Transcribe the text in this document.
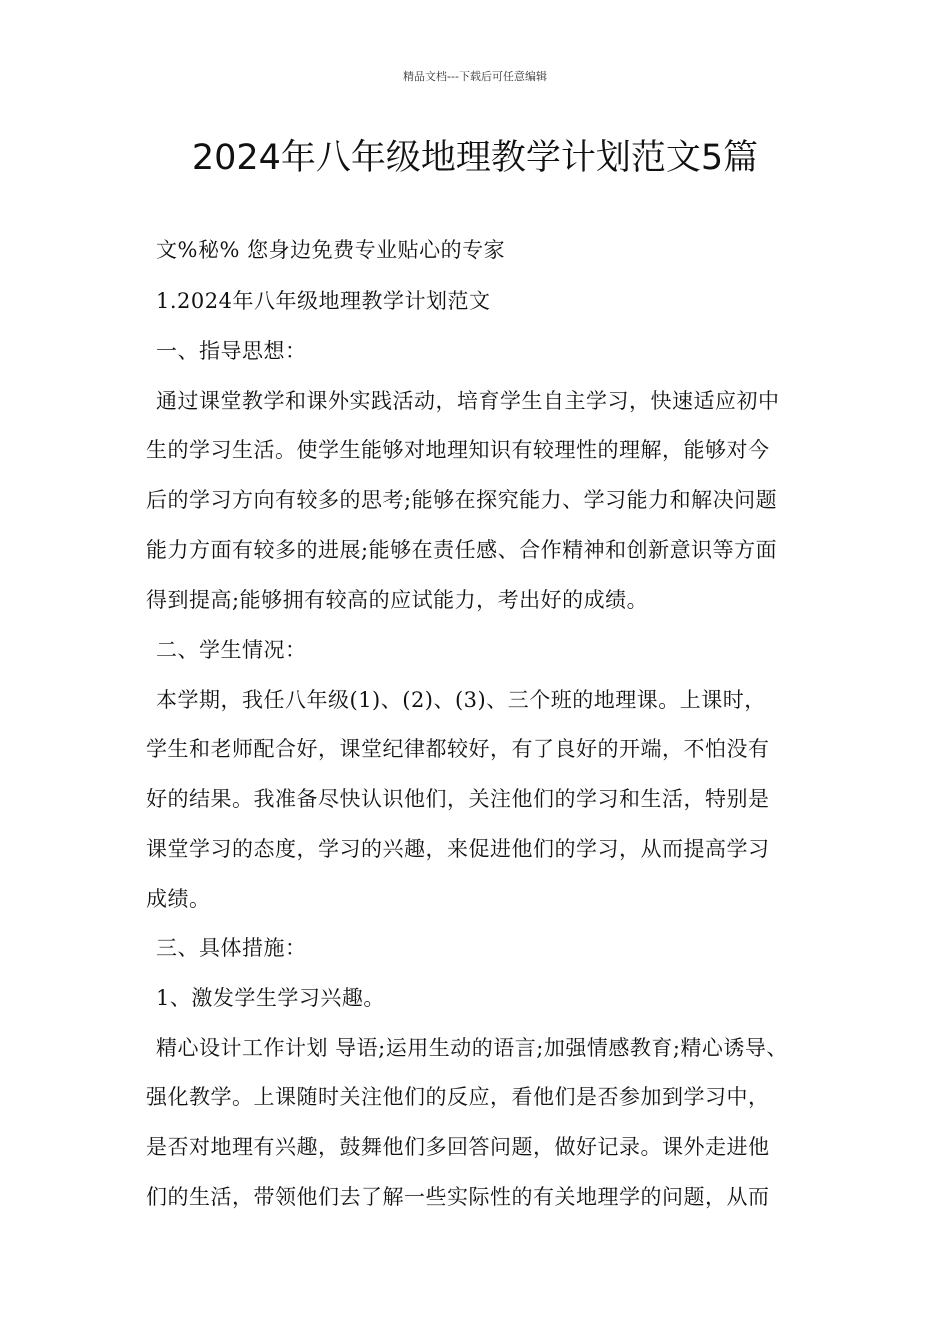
精品文档---下载后可任意编辑
2024年八年级地理教学计划范文5篇
文%秘% 您身边免费专业贴心的专家
1.2024年八年级地理教学计划范文
一、指导思想：
通过课堂教学和课外实践活动，培育学生自主学习，快速适应初中
生的学习生活。使学生能够对地理知识有较理性的理解，能够对今
后的学习方向有较多的思考;能够在探究能力、学习能力和解决问题
能力方面有较多的进展;能够在责任感、合作精神和创新意识等方面
得到提高;能够拥有较高的应试能力，考出好的成绩。
二、学生情况：
本学期，我任八年级(1)、(2)、(3)、三个班的地理课。上课时，
学生和老师配合好，课堂纪律都较好，有了良好的开端，不怕没有
好的结果。我准备尽快认识他们，关注他们的学习和生活，特别是
课堂学习的态度，学习的兴趣，来促进他们的学习，从而提高学习
成绩。
三、具体措施：
1、激发学生学习兴趣。
精心设计工作计划 导语;运用生动的语言;加强情感教育;精心诱导、
强化教学。上课随时关注他们的反应，看他们是否参加到学习中，
是否对地理有兴趣，鼓舞他们多回答问题，做好记录。课外走进他
们的生活，带领他们去了解一些实际性的有关地理学的问题，从而
